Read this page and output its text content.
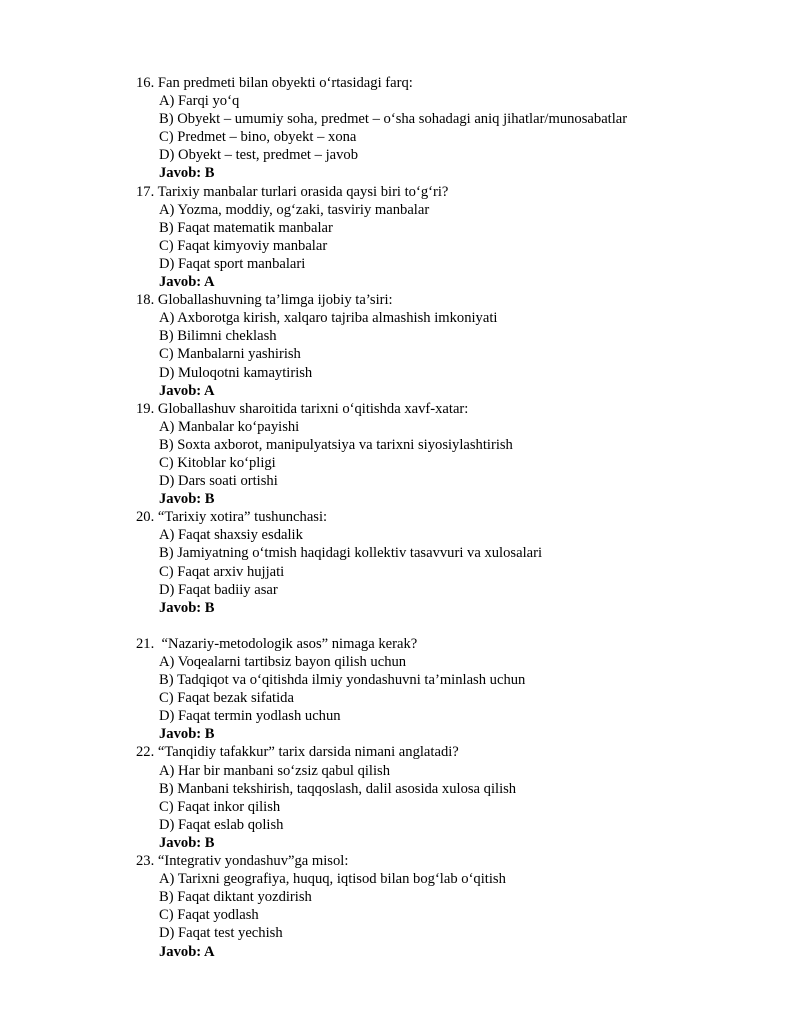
16. Fan predmeti bilan obyekti o‘rtasidagi farq:
A) Farqi yo‘q
B) Obyekt – umumiy soha, predmet – o‘sha sohadagi aniq jihatlar/munosabatlar
C) Predmet – bino, obyekt – xona
D) Obyekt – test, predmet – javob
Javob: B
17. Tarixiy manbalar turlari orasida qaysi biri to‘g‘ri?
A) Yozma, moddiy, og‘zaki, tasviriy manbalar
B) Faqat matematik manbalar
C) Faqat kimyoviy manbalar
D) Faqat sport manbalari
Javob: A
18. Globallashuvning ta’limga ijobiy ta’siri:
A) Axborotga kirish, xalqaro tajriba almashish imkoniyati
B) Bilimni cheklash
C) Manbalarni yashirish
D) Muloqotni kamaytirish
Javob: A
19. Globallashuv sharoitida tarixni o‘qitishda xavf-xatar:
A) Manbalar ko‘payishi
B) Soxta axborot, manipulyatsiya va tarixni siyosiylashtirish
C) Kitoblar ko‘pligi
D) Dars soati ortishi
Javob: B
20. “Tarixiy xotira” tushunchasi:
A) Faqat shaxsiy esdalik
B) Jamiyatning o‘tmish haqidagi kollektiv tasavvuri va xulosalari
C) Faqat arxiv hujjati
D) Faqat badiiy asar
Javob: B
21.  “Nazariy-metodologik asos” nimaga kerak?
A) Voqealarni tartibsiz bayon qilish uchun
B) Tadqiqot va o‘qitishda ilmiy yondashuvni ta’minlash uchun
C) Faqat bezak sifatida
D) Faqat termin yodlash uchun
Javob: B
22. “Tanqidiy tafakkur” tarix darsida nimani anglatadi?
A) Har bir manbani so‘zsiz qabul qilish
B) Manbani tekshirish, taqqoslash, dalil asosida xulosa qilish
C) Faqat inkor qilish
D) Faqat eslab qolish
Javob: B
23. “Integrativ yondashuv”ga misol:
A) Tarixni geografiya, huquq, iqtisod bilan bog‘lab o‘qitish
B) Faqat diktant yozdirish
C) Faqat yodlash
D) Faqat test yechish
Javob: A
